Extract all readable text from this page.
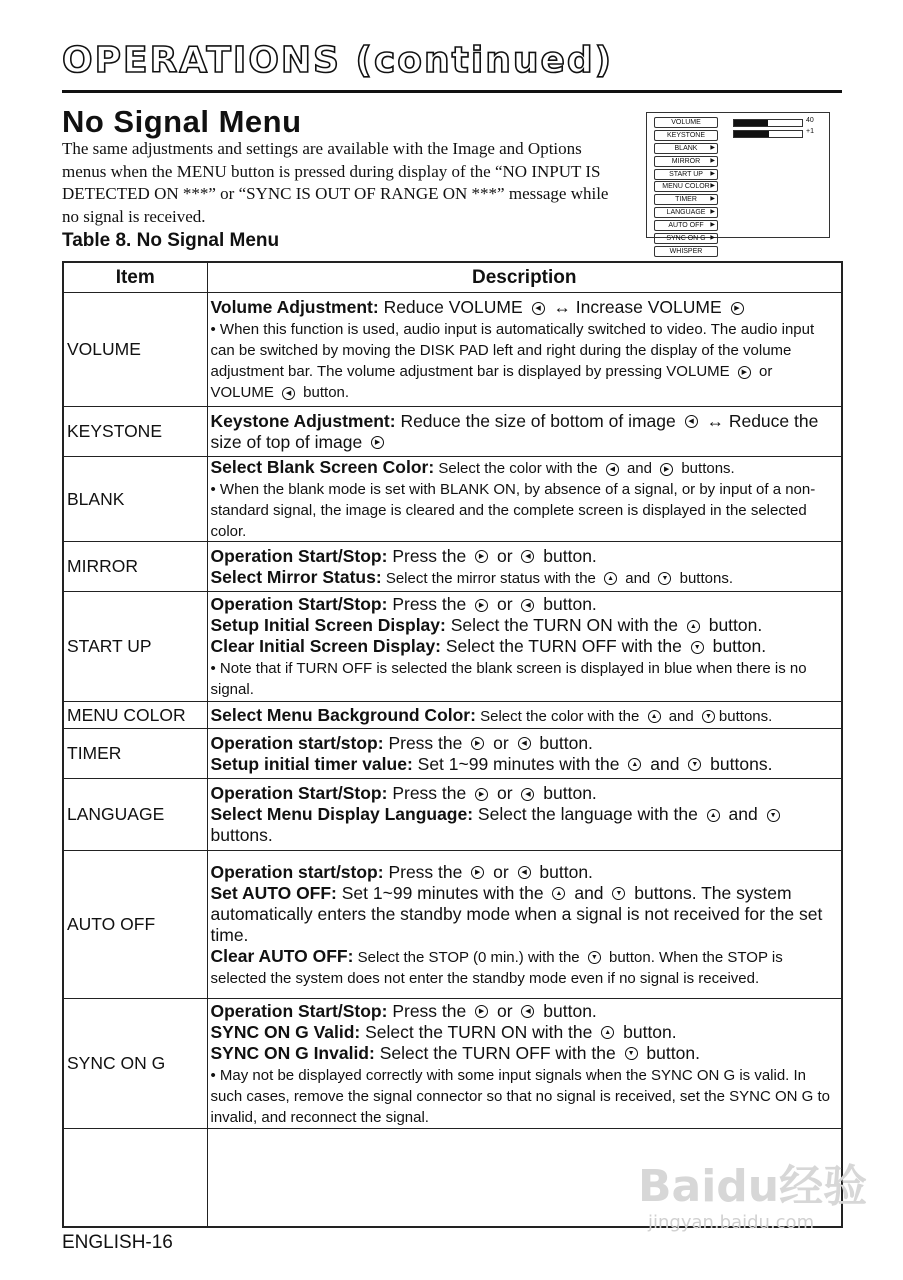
OPERATIONS (continued)
No Signal Menu
The same adjustments and settings are available with the Image and Options menus when the MENU button is pressed during display of the “NO INPUT IS DETECTED ON ***” or “SYNC IS OUT OF RANGE ON ***” message while no signal is received.
Table 8. No Signal Menu
VOLUME
KEYSTONE
BLANK ▶
MIRROR ▶
START UP ▶
MENU COLOR ▶
TIMER ▶
LANGUAGE ▶
AUTO OFF ▶
SYNC ON G ▶
WHISPER
40
+1
Item	Description
VOLUME	Volume Adjustment: Reduce VOLUME ◀ ↔ Increase VOLUME ▶
• When this function is used, audio input is automatically switched to video. The audio input can be switched by moving the DISK PAD left and right during the display of the volume adjustment bar. The volume adjustment bar is displayed by pressing VOLUME ▶ or VOLUME ◀ button.
KEYSTONE	Keystone Adjustment: Reduce the size of bottom of image ◀ ↔ Reduce the size of top of image ▶
BLANK	Select Blank Screen Color: Select the color with the ◀ and ▶ buttons.
• When the blank mode is set with BLANK ON, by absence of a signal, or by input of a non-standard signal, the image is cleared and the complete screen is displayed in the selected color.
MIRROR	Operation Start/Stop: Press the ▶ or ◀ button.
Select Mirror Status: Select the mirror status with the ▲ and ▼ buttons.
START UP	Operation Start/Stop: Press the ▶ or ◀ button.
Setup Initial Screen Display: Select the TURN ON with the ▲ button.
Clear Initial Screen Display: Select the TURN OFF with the ▼ button.
• Note that if TURN OFF is selected the blank screen is displayed in blue when there is no signal.
MENU COLOR	Select Menu Background Color: Select the color with the ▲ and ▼ buttons.
TIMER	Operation start/stop: Press the ▶ or ◀ button.
Setup initial timer value: Set 1~99 minutes with the ▲ and ▼ buttons.
LANGUAGE	Operation Start/Stop: Press the ▶ or ◀ button.
Select Menu Display Language: Select the language with the ▲ and ▼ buttons.
AUTO OFF	Operation start/stop: Press the ▶ or ◀ button.
Set AUTO OFF: Set 1~99 minutes with the ▲ and ▼ buttons. The system automatically enters the standby mode when a signal is not received for the set time.
Clear AUTO OFF: Select the STOP (0 min.) with the ▼ button. When the STOP is selected the system does not enter the standby mode even if no signal is received.
SYNC ON G	Operation Start/Stop: Press the ▶ or ◀ button.
SYNC ON G Valid: Select the TURN ON with the ▲ button.
SYNC ON G Invalid: Select the TURN OFF with the ▼ button.
• May not be displayed correctly with some input signals when the SYNC ON G is valid. In such cases, remove the signal connector so that no signal is received, set the SYNC ON G to invalid, and reconnect the signal.

Baidu经验
jingyan.baidu.com
ENGLISH-16
